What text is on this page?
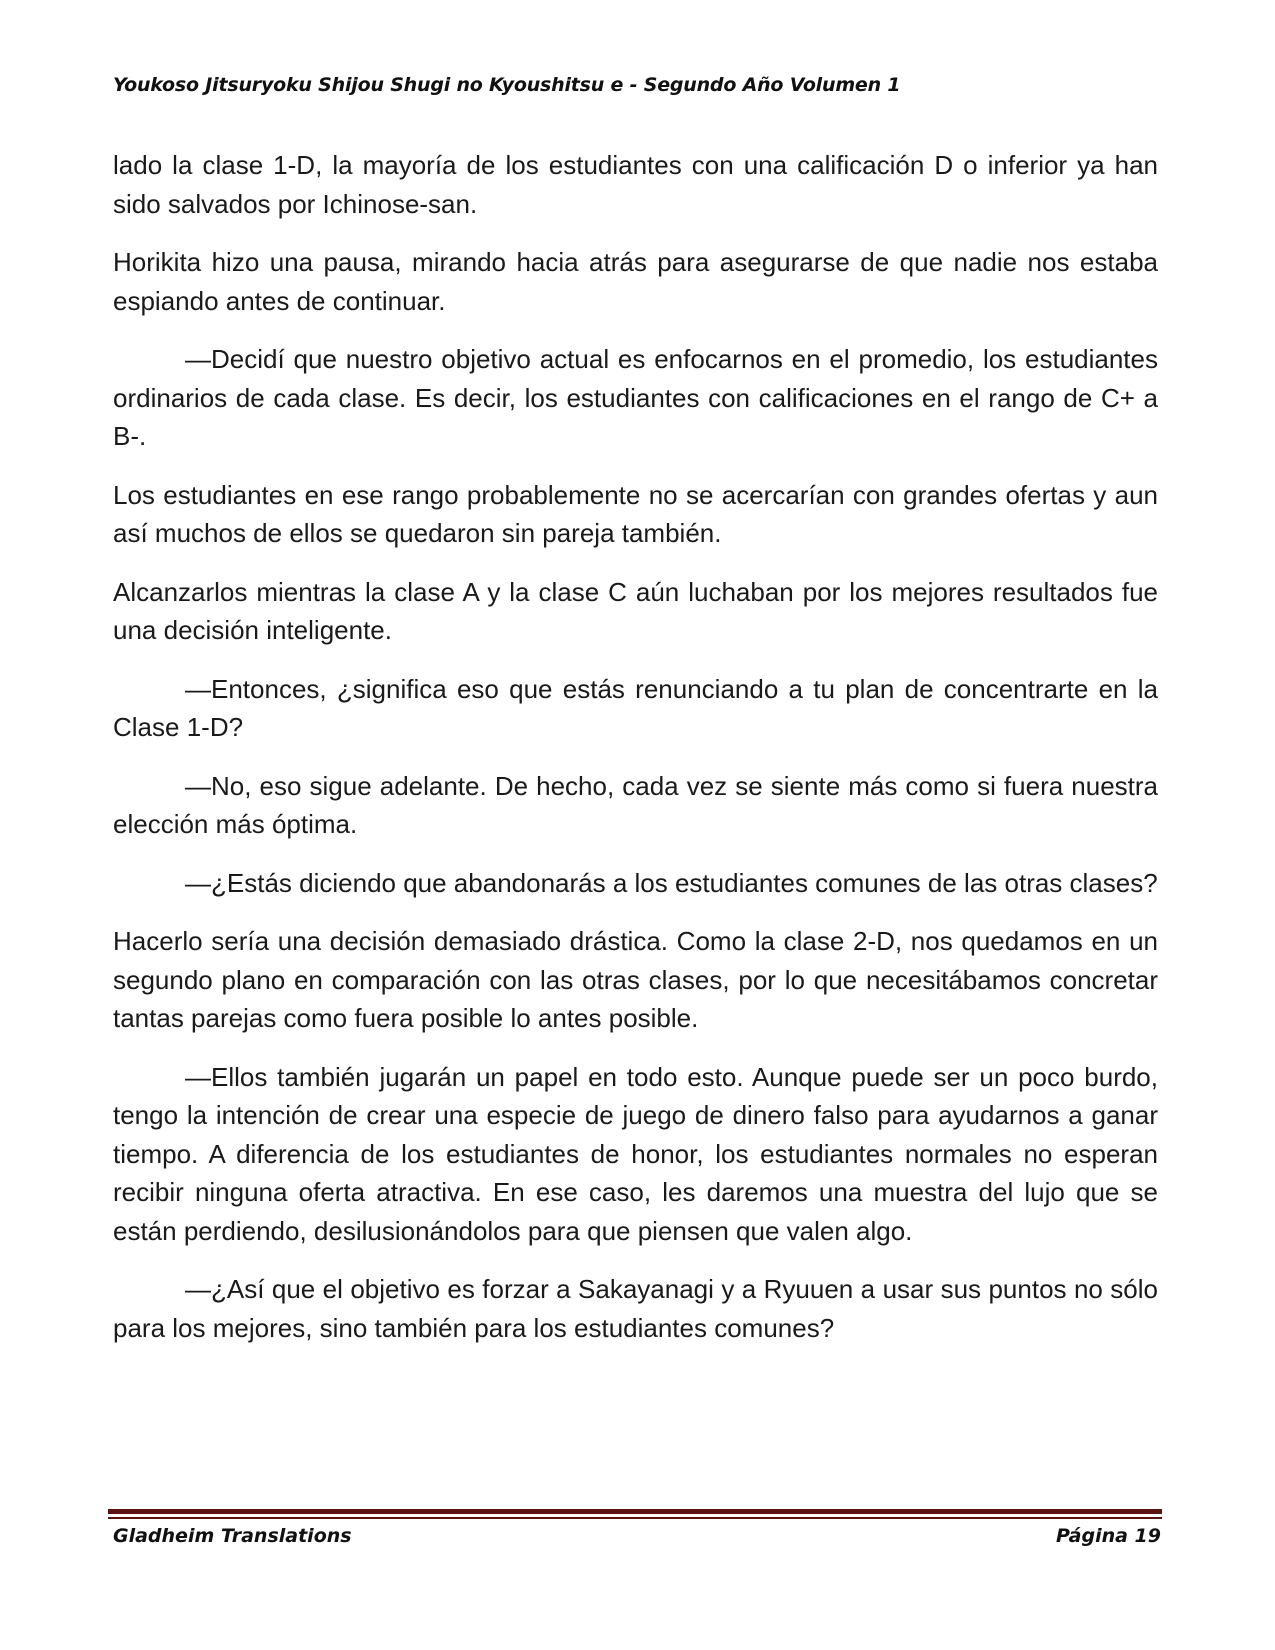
Youkoso Jitsuryoku Shijou Shugi no Kyoushitsu e - Segundo Año Volumen 1

lado la clase 1-D, la mayoría de los estudiantes con una calificación D o inferior ya han sido salvados por Ichinose-san.

Horikita hizo una pausa, mirando hacia atrás para asegurarse de que nadie nos estaba espiando antes de continuar.

—Decidí que nuestro objetivo actual es enfocarnos en el promedio, los estudiantes ordinarios de cada clase. Es decir, los estudiantes con calificaciones en el rango de C+ a B-.

Los estudiantes en ese rango probablemente no se acercarían con grandes ofertas y aun así muchos de ellos se quedaron sin pareja también.

Alcanzarlos mientras la clase A y la clase C aún luchaban por los mejores resultados fue una decisión inteligente.

—Entonces, ¿significa eso que estás renunciando a tu plan de concentrarte en la Clase 1-D?

—No, eso sigue adelante. De hecho, cada vez se siente más como si fuera nuestra elección más óptima.

—¿Estás diciendo que abandonarás a los estudiantes comunes de las otras clases?

Hacerlo sería una decisión demasiado drástica. Como la clase 2-D, nos quedamos en un segundo plano en comparación con las otras clases, por lo que necesitábamos concretar tantas parejas como fuera posible lo antes posible.

—Ellos también jugarán un papel en todo esto. Aunque puede ser un poco burdo, tengo la intención de crear una especie de juego de dinero falso para ayudarnos a ganar tiempo. A diferencia de los estudiantes de honor, los estudiantes normales no esperan recibir ninguna oferta atractiva. En ese caso, les daremos una muestra del lujo que se están perdiendo, desilusionándolos para que piensen que valen algo.

—¿Así que el objetivo es forzar a Sakayanagi y a Ryuuen a usar sus puntos no sólo para los mejores, sino también para los estudiantes comunes?

Gladheim Translations	Página 19
